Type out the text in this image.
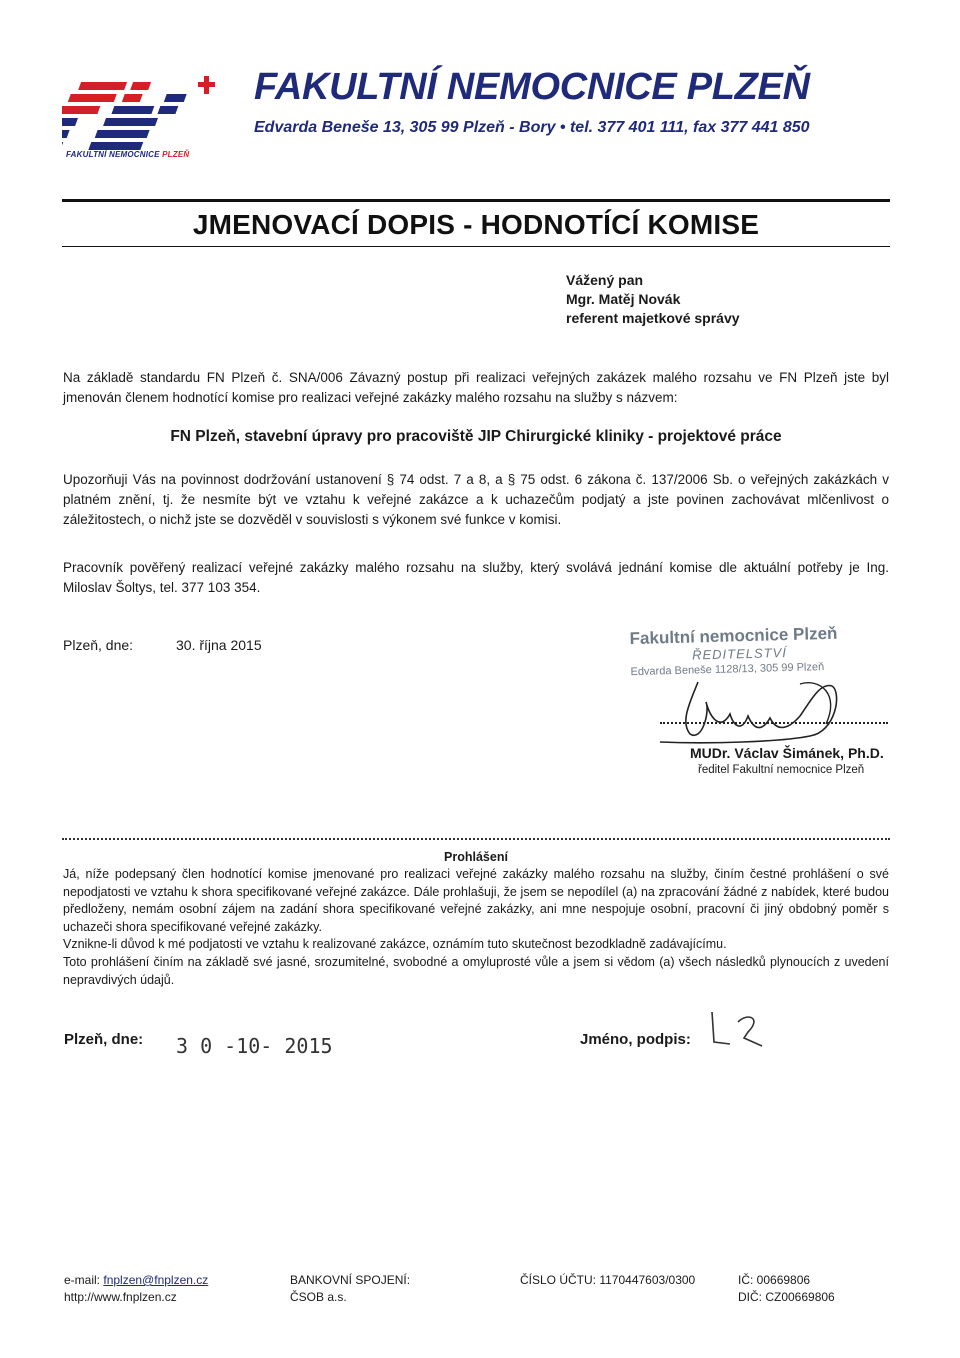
FAKULTNÍ NEMOCNICE PLZEŇ
FAKULTNÍ NEMOCNICE PLZEŇ
Edvarda Beneše 13, 305 99 Plzeň - Bory • tel. 377 401 111, fax 377 441 850
JMENOVACÍ DOPIS - HODNOTÍCÍ KOMISE
Vážený pan
Mgr. Matěj Novák
referent majetkové správy
Na základě standardu FN Plzeň č. SNA/006 Závazný postup při realizaci veřejných zakázek malého rozsahu ve FN Plzeň jste byl jmenován členem hodnotící komise pro realizaci veřejné zakázky malého rozsahu na služby s názvem:
FN Plzeň, stavební úpravy pro pracoviště JIP Chirurgické kliniky - projektové práce
Upozorňuji Vás na povinnost dodržování ustanovení § 74 odst. 7 a 8, a § 75 odst. 6 zákona č. 137/2006 Sb. o veřejných zakázkách v platném znění, tj. že nesmíte být ve vztahu k veřejné zakázce a k uchazečům podjatý a jste povinen zachovávat mlčenlivost o záležitostech, o nichž jste se dozvěděl v souvislosti s výkonem své funkce v komisi.
Pracovník pověřený realizací veřejné zakázky malého rozsahu na služby, který svolává jednání komise dle aktuální potřeby je Ing. Miloslav Šoltys, tel. 377 103 354.
Plzeň, dne:	30. října 2015	Fakultní nemocnice Plzeň
ŘEDITELSTVÍ
Edvarda Beneše 1128/13, 305 99 Plzeň
MUDr. Václav Šimánek, Ph.D.
ředitel Fakultní nemocnice Plzeň
Prohlášení
Já, níže podepsaný člen hodnotící komise jmenované pro realizaci veřejné zakázky malého rozsahu na služby, činím čestné prohlášení o své nepodjatosti ve vztahu k shora specifikované veřejné zakázce. Dále prohlašuji, že jsem se nepodílel (a) na zpracování žádné z nabídek, které budou předloženy, nemám osobní zájem na zadání shora specifikované veřejné zakázky, ani mne nespojuje osobní, pracovní či jiný obdobný poměr s uchazeči shora specifikované veřejné zakázky.
Vznikne-li důvod k mé podjatosti ve vztahu k realizované zakázce, oznámím tuto skutečnost bezodkladně zadávajícímu.
Toto prohlášení činím na základě své jasné, srozumitelné, svobodné a omyluprosté vůle a jsem si vědom (a) všech následků plynoucích z uvedení nepravdivých údajů.
Plzeň, dne: 3 0 -10- 2015	Jméno, podpis:
e-mail: fnplzen@fnplzen.cz
http://www.fnplzen.cz
BANKOVNÍ SPOJENÍ:
ČSOB a.s.
ČÍSLO ÚČTU: 1170447603/0300	IČ: 00669806
DIČ: CZ00669806
